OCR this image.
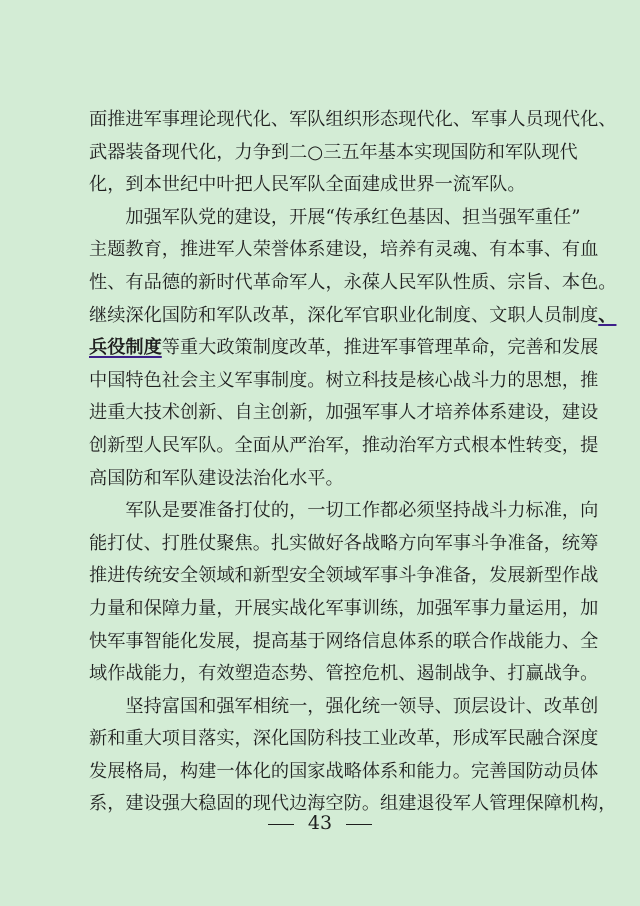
面推进军事理论现代化、军队组织形态现代化、军事人员现代化、
武器装备现代化，力争到二○三五年基本实现国防和军队现代
化，到本世纪中叶把人民军队全面建成世界一流军队。
加强军队党的建设，开展“传承红色基因、担当强军重任”
主题教育，推进军人荣誉体系建设，培养有灵魂、有本事、有血
性、有品德的新时代革命军人，永葆人民军队性质、宗旨、本色。
继续深化国防和军队改革，深化军官职业化制度、文职人员制度、
兵役制度等重大政策制度改革，推进军事管理革命，完善和发展
中国特色社会主义军事制度。树立科技是核心战斗力的思想，推
进重大技术创新、自主创新，加强军事人才培养体系建设，建设
创新型人民军队。全面从严治军，推动治军方式根本性转变，提
高国防和军队建设法治化水平。
军队是要准备打仗的，一切工作都必须坚持战斗力标准，向
能打仗、打胜仗聚焦。扎实做好各战略方向军事斗争准备，统筹
推进传统安全领域和新型安全领域军事斗争准备，发展新型作战
力量和保障力量，开展实战化军事训练，加强军事力量运用，加
快军事智能化发展，提高基于网络信息体系的联合作战能力、全
域作战能力，有效塑造态势、管控危机、遏制战争、打赢战争。
坚持富国和强军相统一，强化统一领导、顶层设计、改革创
新和重大项目落实，深化国防科技工业改革，形成军民融合深度
发展格局，构建一体化的国家战略体系和能力。完善国防动员体
系，建设强大稳固的现代边海空防。组建退役军人管理保障机构，
43
